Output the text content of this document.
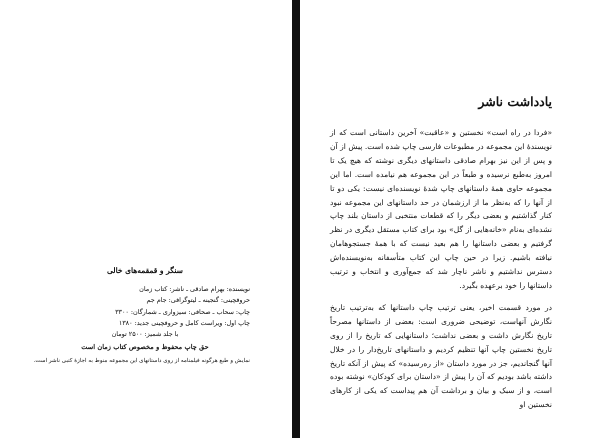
سنگر و قمقمه‌های خالی

نویسنده: بهرام صادقی ـ ناشر: کتاب زمان

حروفچینی: گنجینه ـ لیتوگرافی: جام جم

چاپ: سحاب ـ صحافی: سیزواری ـ شمارگان: ۳۳۰۰

چاپ اول: ویراست کامل و حروفچینی جدید: ۱۳۸۰

با جلد شمیز: ۲۵۰۰ تومان

حق چاپ محفوظ و مخصوص کتاب زمان است

نمایش و طبع هرگونه فیلمنامه از روی داستانهای این مجموعه منوط به اجازهٔ کتبی ناشر است.

یادداشت ناشر

«فردا در راه است» نخستین و «عاقبت» آخرین داستانی است که از نویسندهٔ این مجموعه در مطبوعات فارسی چاپ شده است. پیش از آن و پس از این نیز بهرام صادقی داستانهای دیگری نوشته که هیچ یک تا امروز به‌طبع نرسیده و طبعاً در این مجموعه هم نیامده است. اما این مجموعه حاوی همهٔ داستانهای چاپ شدهٔ نویسنده‌ای نیست: یکی دو تا از آنها را که به‌نظر ما از ارزشمان در حد داستانهای این مجموعه نبود کنار گذاشتیم و بعضی دیگر را که قطعات منتخبی از داستان بلند چاپ نشده‌ای به‌نام «خانه‌هایی از گل» بود برای کتاب مستقل دیگری در نظر گرفتیم و بعضی داستانها را هم بعید نیست که با همهٔ جستجوهامان نیافته باشیم. زیرا در حین چاپ این کتاب متأسفانه به‌نویسنده‌اش دسترس نداشتیم و ناشر ناچار شد که جمع‌آوری و انتخاب و ترتیب داستانها را خود برعهده بگیرد.

در مورد قسمت اخیر، یعنی ترتیب چاپ داستانها که به‌ترتیب تاریخ نگارش آنهاست، توضیحی ضروری است: بعضی از داستانها مصرحاً تاریخ نگارش داشت و بعضی نداشت؛ داستانهایی که تاریخ را از روی تاریخ نخستین چاپ آنها تنظیم کردیم و داستانهای تاریخ‌دار را در خلال آنها گنجاندیم، جز در مورد داستان «از ره‌رسیده» که پیش از آنکه تاریخ داشته باشد بودیم که آن را پیش از «داستان برای کودکان» نوشته بوده است، و از سبک و بیان و برداشت آن هم پیداست که یکی از کارهای نخستین او
